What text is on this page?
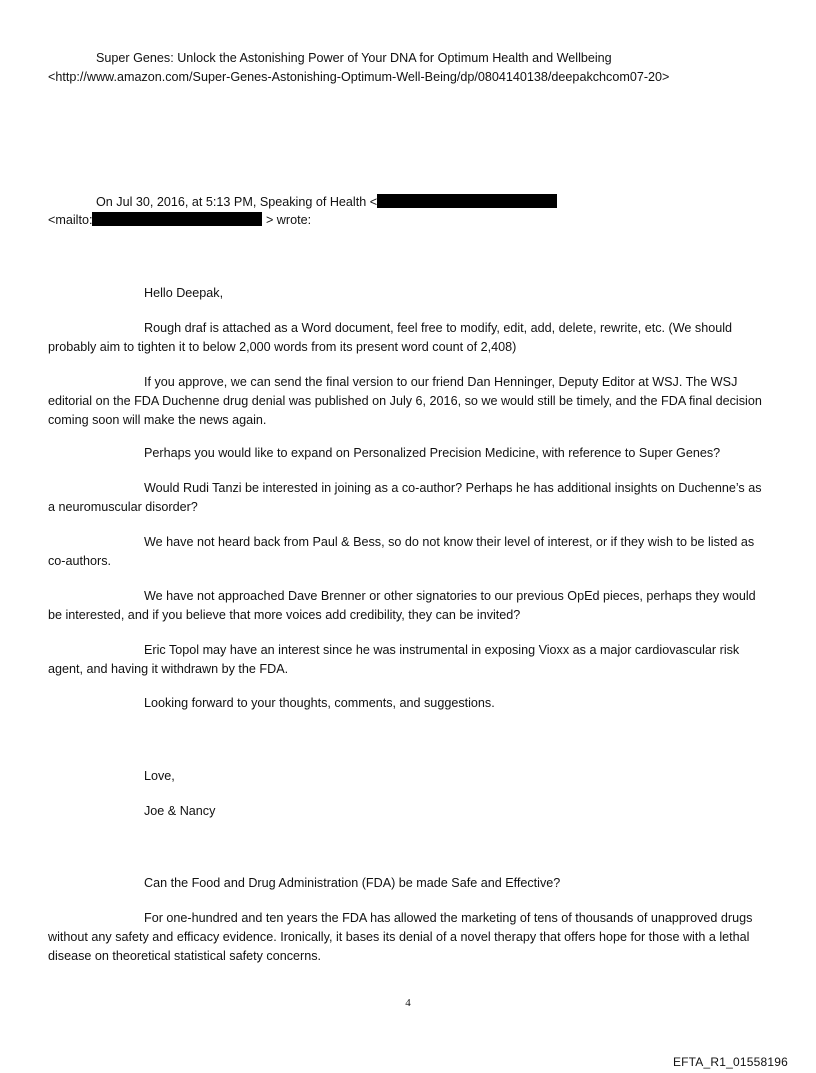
Super Genes: Unlock the Astonishing Power of Your DNA for Optimum Health and Wellbeing
<http://www.amazon.com/Super-Genes-Astonishing-Optimum-Well-Being/dp/0804140138/deepakchcom07-20>
On Jul 30, 2016, at 5:13 PM, Speaking of Health <
<mailto:	> wrote:
Hello Deepak,
Rough draf is attached as a Word document, feel free to modify, edit, add, delete, rewrite, etc. (We should probably aim to tighten it to below 2,000 words from its present word count of 2,408)
If you approve, we can send the final version to our friend Dan Henninger, Deputy Editor at WSJ. The WSJ editorial on the FDA Duchenne drug denial was published on July 6, 2016, so we would still be timely, and the FDA final decision coming soon will make the news again.
Perhaps you would like to expand on Personalized Precision Medicine, with reference to Super Genes?
Would Rudi Tanzi be interested in joining as a co-author? Perhaps he has additional insights on Duchenne’s as a neuromuscular disorder?
We have not heard back from Paul & Bess, so do not know their level of interest, or if they wish to be listed as co-authors.
We have not approached Dave Brenner or other signatories to our previous OpEd pieces, perhaps they would be interested, and if you believe that more voices add credibility, they can be invited?
Eric Topol may have an interest since he was instrumental in exposing Vioxx as a major cardiovascular risk agent, and having it withdrawn by the FDA.
Looking forward to your thoughts, comments, and suggestions.
Love,
Joe & Nancy
Can the Food and Drug Administration (FDA) be made Safe and Effective?
For one-hundred and ten years the FDA has allowed the marketing of tens of thousands of unapproved drugs without any safety and efficacy evidence. Ironically, it bases its denial of a novel therapy that offers hope for those with a lethal disease on theoretical statistical safety concerns.
4
EFTA_R1_01558196
